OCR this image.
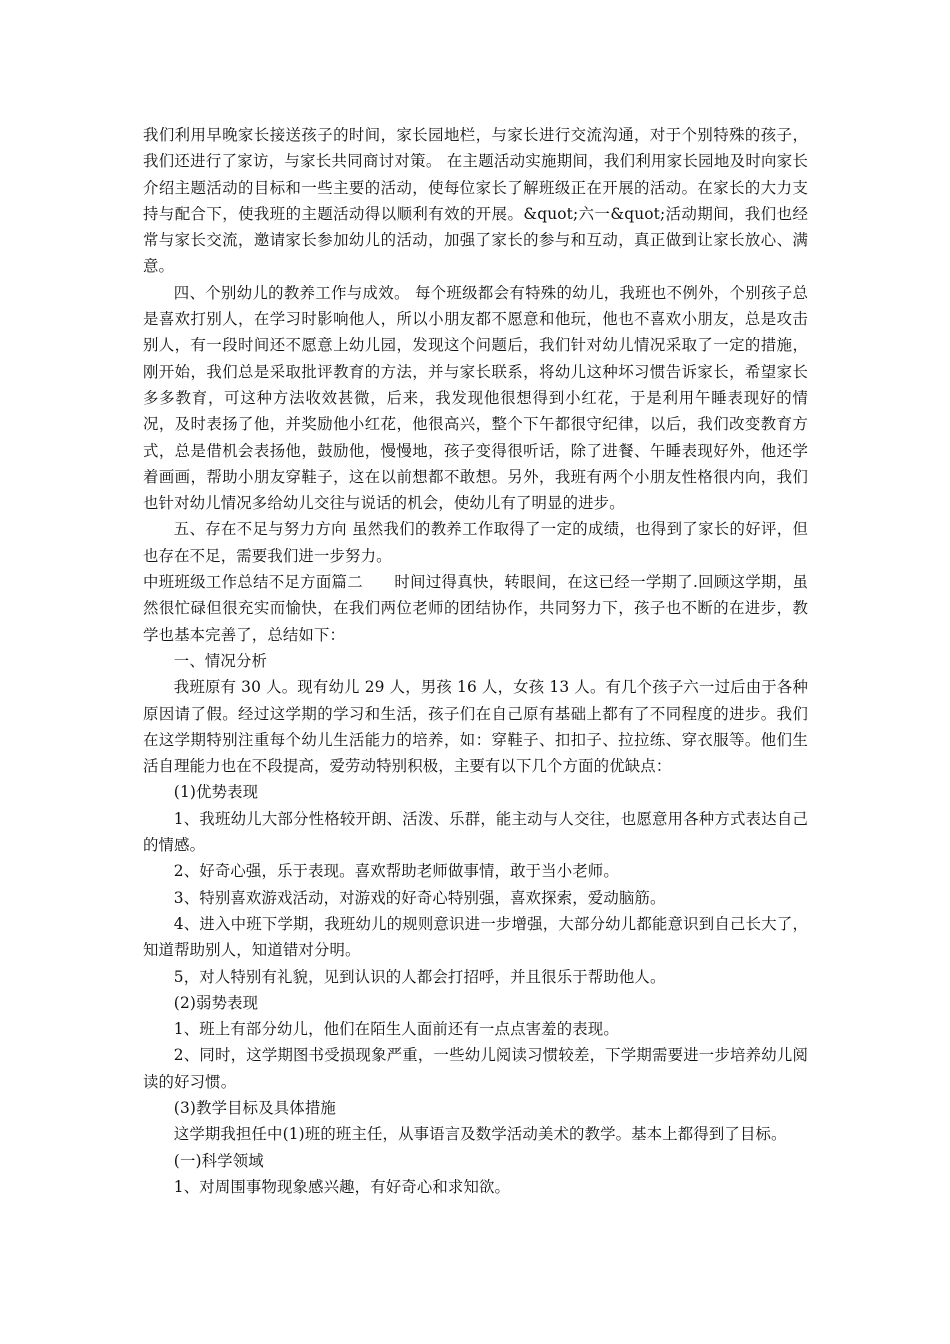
我们利用早晚家长接送孩子的时间，家长园地栏，与家长进行交流沟通，对于个别特殊的孩子，我们还进行了家访，与家长共同商讨对策。 在主题活动实施期间，我们利用家长园地及时向家长介绍主题活动的目标和一些主要的活动，使每位家长了解班级正在开展的活动。在家长的大力支持与配合下，使我班的主题活动得以顺利有效的开展。&quot;六一&quot;活动期间，我们也经常与家长交流，邀请家长参加幼儿的活动，加强了家长的参与和互动，真正做到让家长放心、满意。

四、个别幼儿的教养工作与成效。 每个班级都会有特殊的幼儿，我班也不例外，个别孩子总是喜欢打别人，在学习时影响他人，所以小朋友都不愿意和他玩，他也不喜欢小朋友，总是攻击别人，有一段时间还不愿意上幼儿园，发现这个问题后，我们针对幼儿情况采取了一定的措施，刚开始，我们总是采取批评教育的方法，并与家长联系，将幼儿这种坏习惯告诉家长，希望家长多多教育，可这种方法收效甚微，后来，我发现他很想得到小红花，于是利用午睡表现好的情况，及时表扬了他，并奖励他小红花，他很高兴，整个下午都很守纪律，以后，我们改变教育方式，总是借机会表扬他，鼓励他，慢慢地，孩子变得很听话，除了进餐、午睡表现好外，他还学着画画，帮助小朋友穿鞋子，这在以前想都不敢想。另外，我班有两个小朋友性格很内向，我们也针对幼儿情况多给幼儿交往与说话的机会，使幼儿有了明显的进步。

五、存在不足与努力方向 虽然我们的教养工作取得了一定的成绩，也得到了家长的好评，但也存在不足，需要我们进一步努力。

中班班级工作总结不足方面篇二　　时间过得真快，转眼间，在这已经一学期了.回顾这学期，虽然很忙碌但很充实而愉快，在我们两位老师的团结协作，共同努力下，孩子也不断的在进步，教学也基本完善了，总结如下：

一、情况分析

我班原有 30 人。现有幼儿 29 人，男孩 16 人，女孩 13 人。有几个孩子六一过后由于各种原因请了假。经过这学期的学习和生活，孩子们在自己原有基础上都有了不同程度的进步。我们在这学期特别注重每个幼儿生活能力的培养，如：穿鞋子、扣扣子、拉拉练、穿衣服等。他们生活自理能力也在不段提高，爱劳动特别积极，主要有以下几个方面的优缺点：

(1)优势表现

1、我班幼儿大部分性格较开朗、活泼、乐群，能主动与人交往，也愿意用各种方式表达自己的情感。

2、好奇心强，乐于表现。喜欢帮助老师做事情，敢于当小老师。

3、特别喜欢游戏活动，对游戏的好奇心特别强，喜欢探索，爱动脑筋。

4、进入中班下学期，我班幼儿的规则意识进一步增强，大部分幼儿都能意识到自己长大了，知道帮助别人，知道错对分明。

5，对人特别有礼貌，见到认识的人都会打招呼，并且很乐于帮助他人。

(2)弱势表现

1、班上有部分幼儿，他们在陌生人面前还有一点点害羞的表现。

2、同时，这学期图书受损现象严重，一些幼儿阅读习惯较差，下学期需要进一步培养幼儿阅读的好习惯。

(3)教学目标及具体措施

这学期我担任中(1)班的班主任，从事语言及数学活动美术的教学。基本上都得到了目标。

(一)科学领域

1、对周围事物现象感兴趣，有好奇心和求知欲。
